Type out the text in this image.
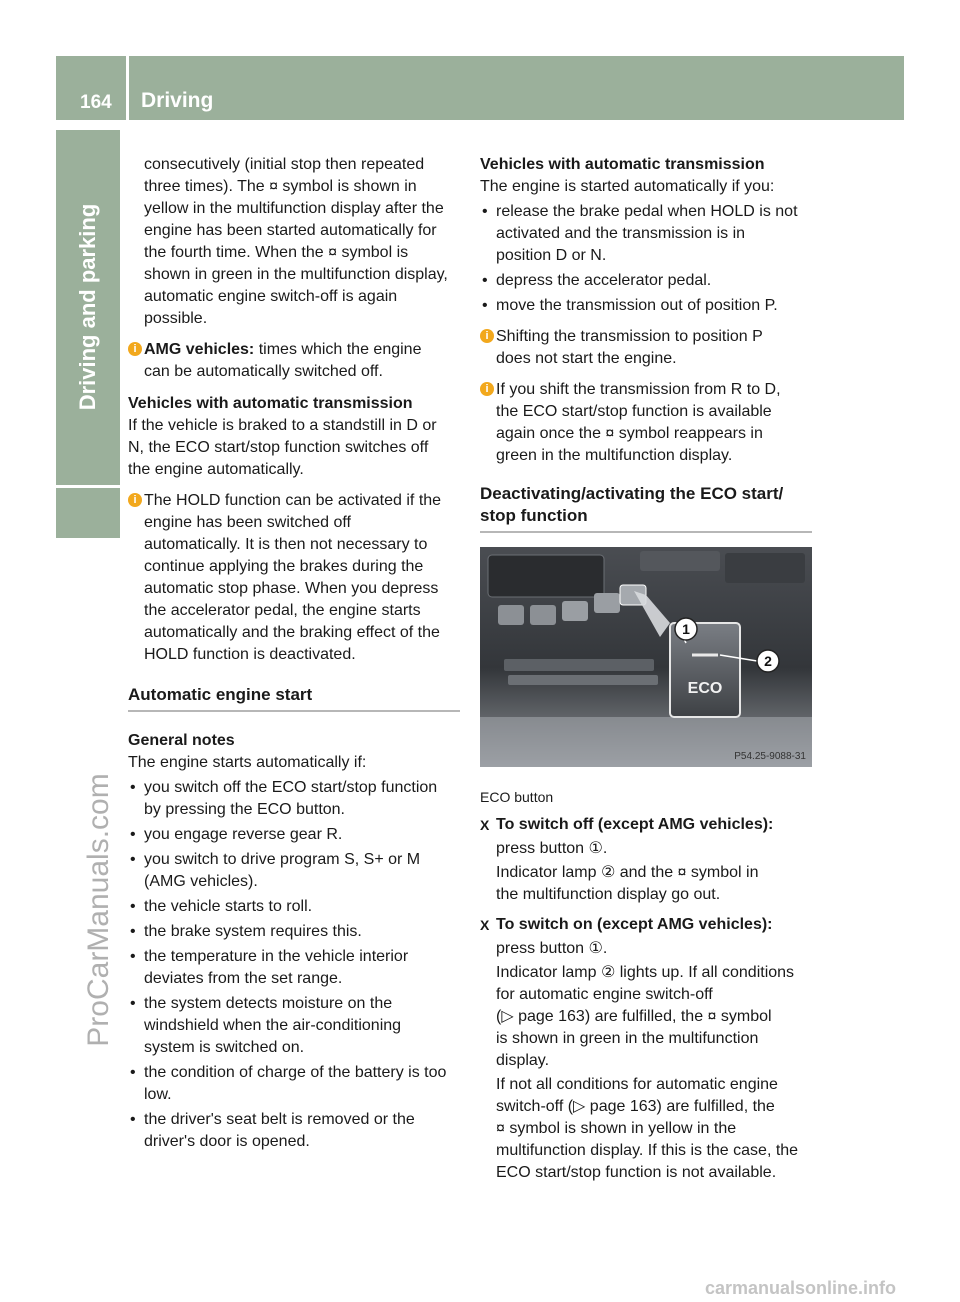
164	Driving
Driving and parking
ProCarManuals.com
carmanualsonline.info

consecutively (initial stop then repeated

three times). The ¤ symbol is shown in

yellow in the multifunction display after the

engine has been started automatically for

the fourth time. When the ¤ symbol is

shown in green in the multifunction display,

automatic engine switch-off is again

possible.

i AMG vehicles: times which the engine

can be automatically switched off.

Vehicles with automatic transmission

If the vehicle is braked to a standstill in D or

N, the ECO start/stop function switches off

the engine automatically.

i The HOLD function can be activated if the

engine has been switched off

automatically. It is then not necessary to

continue applying the brakes during the

automatic stop phase. When you depress

the accelerator pedal, the engine starts

automatically and the braking effect of the

HOLD function is deactivated.

Automatic engine start

General notes

The engine starts automatically if:

• you switch off the ECO start/stop function

by pressing the ECO button.

• you engage reverse gear R.

• you switch to drive program S, S+ or M

(AMG vehicles).

• the vehicle starts to roll.

• the brake system requires this.

• the temperature in the vehicle interior

deviates from the set range.

• the system detects moisture on the

windshield when the air-conditioning

system is switched on.

• the condition of charge of the battery is too

low.

• the driver's seat belt is removed or the

driver's door is opened.

Vehicles with automatic transmission

The engine is started automatically if you:

• release the brake pedal when HOLD is not

activated and the transmission is in

position D or N.

• depress the accelerator pedal.

• move the transmission out of position P.

i Shifting the transmission to position P

does not start the engine.

i If you shift the transmission from R to D,

the ECO start/stop function is available

again once the ¤ symbol reappears in

green in the multifunction display.

Deactivating/activating the ECO start/

stop function

ECO
1
2
P54.25-9088-31

ECO button

X To switch off (except AMG vehicles):

press button ①.

Indicator lamp ② and the ¤ symbol in

the multifunction display go out.

X To switch on (except AMG vehicles):

press button ①.

Indicator lamp ② lights up. If all conditions

for automatic engine switch-off

(▷ page 163) are fulfilled, the ¤ symbol

is shown in green in the multifunction

display.

If not all conditions for automatic engine

switch-off (▷ page 163) are fulfilled, the

¤ symbol is shown in yellow in the

multifunction display. If this is the case, the

ECO start/stop function is not available.
